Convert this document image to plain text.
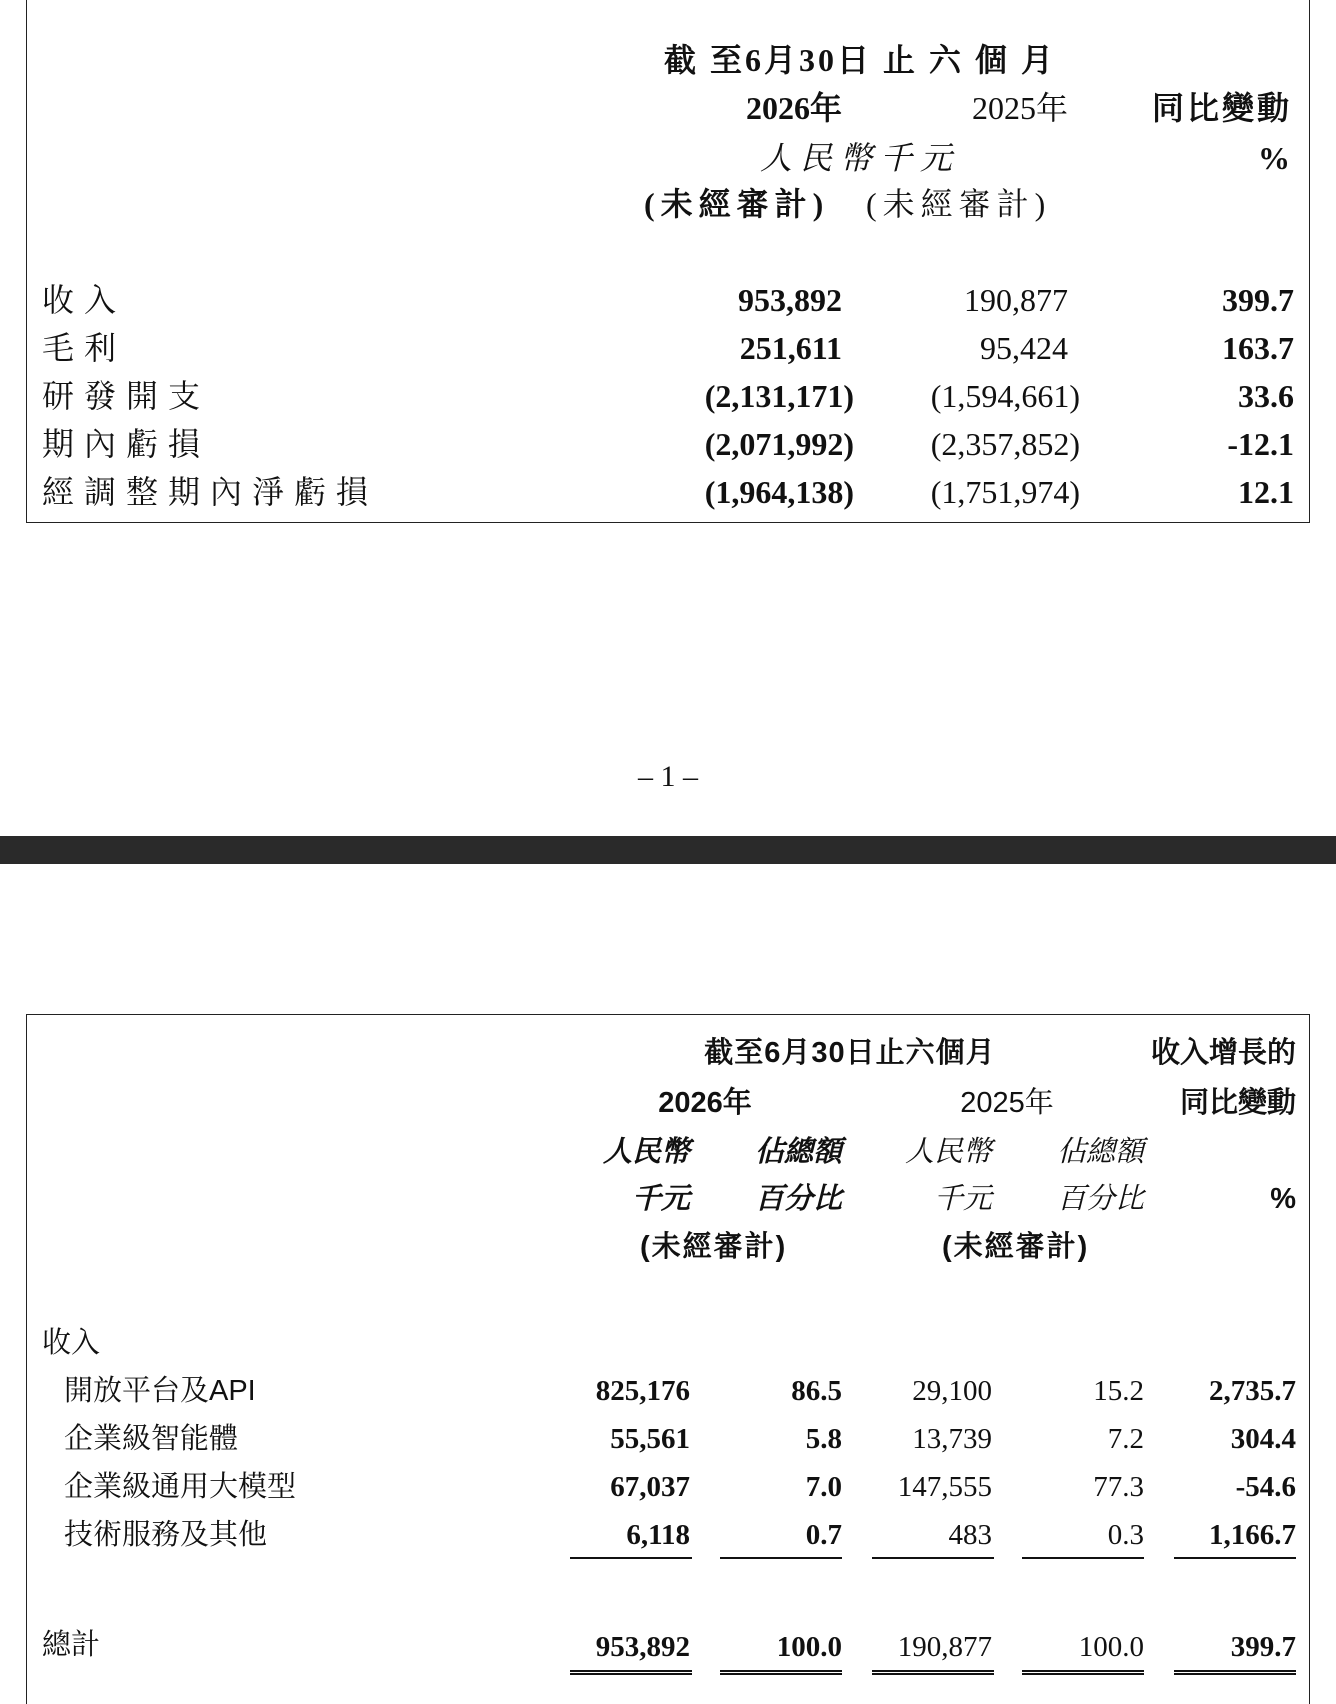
截 至6月30日 止 六 個 月
2026年	2025年	同比變動
人民幣千元	%
(未經審計) (未經審計)
收入	953,892	190,877	399.7
毛利	251,611	95,424	163.7
研發開支	(2,131,171)	(1,594,661)	33.6
期內虧損	(2,071,992)	(2,357,852)	-12.1
經調整期內淨虧損	(1,964,138)	(1,751,974)	12.1
– 1 –
截至6月30日止六個月	收入增長的
2026年	2025年	同比變動
人民幣	佔總額	人民幣	佔總額
千元	百分比	千元	百分比	%
(未經審計)	(未經審計)
收入
開放平台及API	825,176	86.5	29,100	15.2	2,735.7
企業級智能體	55,561	5.8	13,739	7.2	304.4
企業級通用大模型	67,037	7.0	147,555	77.3	-54.6
技術服務及其他	6,118	0.7	483	0.3	1,166.7
總計	953,892	100.0	190,877	100.0	399.7
